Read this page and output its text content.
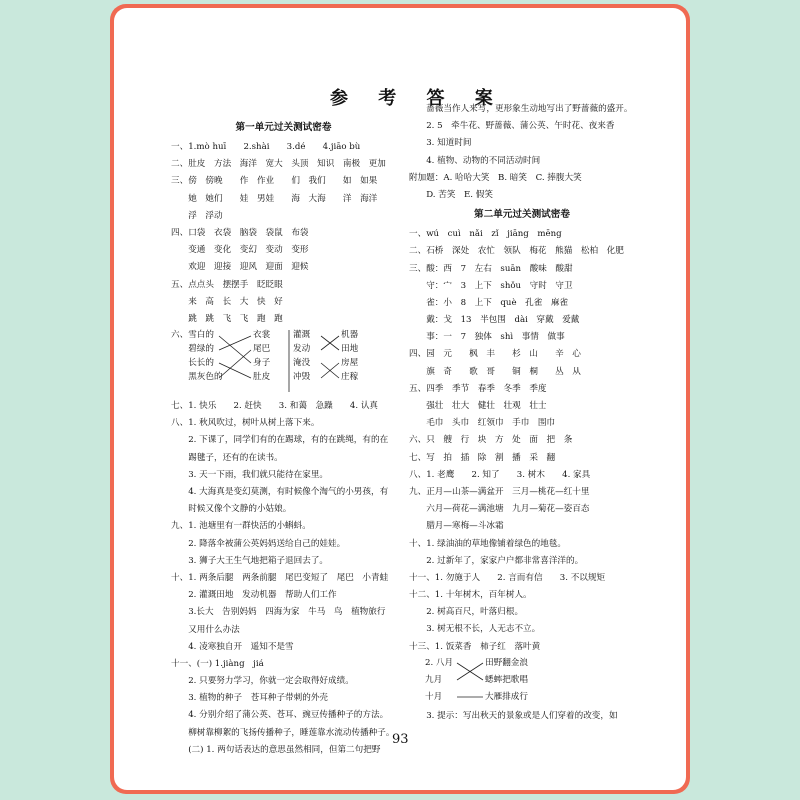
参 考 答 案
第一单元过关测试密卷
一、1.mò huī　　2.shài　　3.dé　　4.jiāo bù
二、肚皮　方法　海洋　宽大　头顶　知识　南极　更加
三、傍　傍晚　　作　作业　　们　我们　　如　如果
　　她　她们　　娃　男娃　　海　大海　　洋　海洋
　　浮　浮动
四、口袋　衣袋　脑袋　袋鼠　布袋
　　变通　变化　变幻　变动　变形
　　欢迎　迎接　迎风　迎面　迎候
五、点点头　摆摆手　眨眨眼
　　来　高　长　大　快　好
　　跳　跳　飞　飞　跑　跑
六、雪白的
　　碧绿的
　　长长的
　　黑灰色的
衣裳
尾巴
身子
肚皮
灌溉
发动
淹没
冲毁
机器
田地
房屋
庄稼
七、1. 快乐　　2. 赶快　　3. 和蔼　急躁　　4. 认真
八、1. 秋风吹过，树叶从树上落下来。
　　2. 下课了，同学们有的在踢球，有的在跳绳，有的在
　　踢毽子，还有的在读书。
　　3. 天一下雨，我们就只能待在家里。
　　4. 大海真是变幻莫测，有时候像个淘气的小男孩，有
　　时候又像个文静的小姑娘。
九、1. 池塘里有一群快活的小蝌蚪。
　　2. 降落伞被蒲公英妈妈送给自己的娃娃。
　　3. 狮子大王生气地把箱子退回去了。
十、1. 两条后腿　两条前腿　尾巴变短了　尾巴　小青蛙
　　2. 灌溉田地　发动机器　帮助人们工作
　　3.长大　告别妈妈　四海为家　牛马　鸟　植物旅行
　　又用什么办法
　　4. 凌寒独自开　遥知不是雪
十一、(一) 1.jiàng　jiá
　　2. 只要努力学习，你就一定会取得好成绩。
　　3. 植物的种子　苍耳种子带刺的外壳
　　4. 分别介绍了蒲公英、苍耳、豌豆传播种子的方法。
　　柳树靠柳絮的飞扬传播种子，睡莲靠水流动传播种子。
　　(二) 1. 两句话表达的意思虽然相同，但第二句把野
　　蔷薇当作人来写，更形象生动地写出了野蔷薇的盛开。
　　2. 5　牵牛花、野蔷薇、蒲公英、午时花、夜来香
　　3. 知道时间
　　4. 植物、动物的不同活动时间
附加题：A. 哈哈大笑　B. 暗笑　C. 捧腹大笑
　　D. 苦笑　E. 假笑
第二单元过关测试密卷
一、wú　cuì　nǎi　zǐ　jiāng　mēng
二、石桥　深处　农忙　领队　梅花　熊猫　松柏　化肥
三、酸：西　7　左右　suān　酸味　酸甜
　　守：宀　3　上下　shǒu　守时　守卫
　　雀：小　8　上下　què　孔雀　麻雀
　　戴：戈　13　半包围　dài　穿戴　爱戴
　　事：一　7　独体　shì　事情　做事
四、园　元　　枫　丰　　杉　山　　辛　心
　　旗　奇　　歌　哥　　铜　桐　　丛　从
五、四季　季节　春季　冬季　季度
　　强壮　壮大　健壮　壮观　壮士
　　毛巾　头巾　红领巾　手巾　围巾
六、只　艘　行　块　方　处　面　把　条
七、写　拍　插　除　割　播　采　翻
八、1. 老鹰　　2. 知了　　3. 树木　　4. 家具
九、正月—山茶—满盆开　三月—桃花—红十里
　　六月—荷花—满池塘　九月—菊花—姿百态
　　腊月—寒梅—斗冰霜
十、1. 绿油油的草地像铺着绿色的地毯。
　　2. 过新年了，家家户户都非常喜洋洋的。
十一、1. 勿施于人　　2. 言而有信　　3. 不以规矩
十二、1. 十年树木，百年树人。
　　2. 树高百尺，叶落归根。
　　3. 树无根不长，人无志不立。
十三、1. 饭菜香　柿子红　落叶黄
2. 八月
九月
十月
田野翻金浪
蟋蟀把歌唱
大雁排成行
　　3. 提示：写出秋天的景象或是人们穿着的改变，如
93
